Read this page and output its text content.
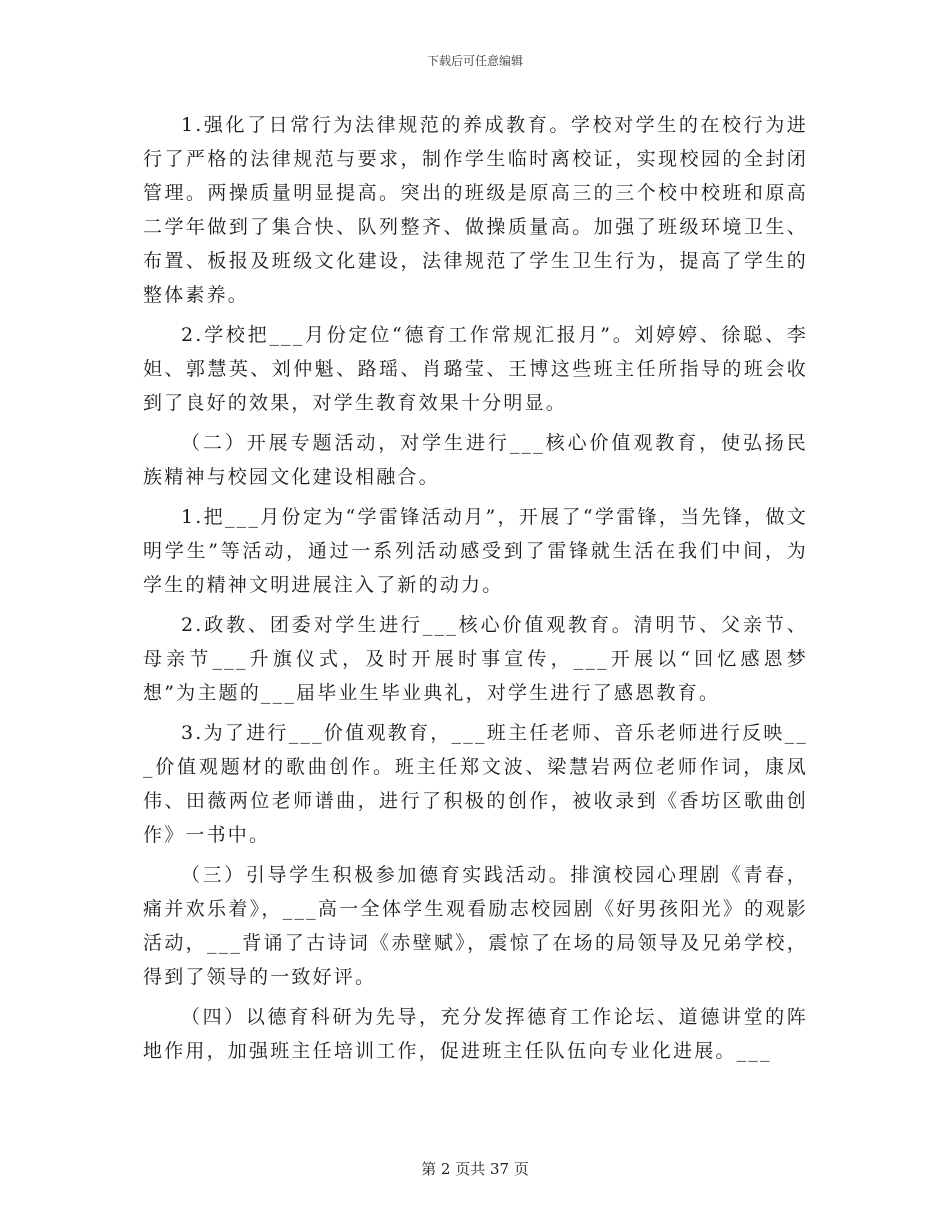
下载后可任意编辑

1.强化了日常行为法律规范的养成教育。学校对学生的在校行为进行了严格的法律规范与要求，制作学生临时离校证，实现校园的全封闭管理。两操质量明显提高。突出的班级是原高三的三个校中校班和原高二学年做到了集合快、队列整齐、做操质量高。加强了班级环境卫生、布置、板报及班级文化建设，法律规范了学生卫生行为，提高了学生的整体素养。

2.学校把___月份定位“德育工作常规汇报月”。刘婷婷、徐聪、李妲、郭慧英、刘仲魁、路瑶、肖璐莹、王博这些班主任所指导的班会收到了良好的效果，对学生教育效果十分明显。

（二）开展专题活动，对学生进行___核心价值观教育，使弘扬民族精神与校园文化建设相融合。

1.把___月份定为“学雷锋活动月”，开展了“学雷锋，当先锋，做文明学生”等活动，通过一系列活动感受到了雷锋就生活在我们中间，为学生的精神文明进展注入了新的动力。

2.政教、团委对学生进行___核心价值观教育。清明节、父亲节、母亲节___升旗仪式，及时开展时事宣传，___开展以“回忆感恩梦想”为主题的___届毕业生毕业典礼，对学生进行了感恩教育。

3.为了进行___价值观教育，___班主任老师、音乐老师进行反映___价值观题材的歌曲创作。班主任郑文波、梁慧岩两位老师作词，康凤伟、田薇两位老师谱曲，进行了积极的创作，被收录到《香坊区歌曲创作》一书中。

（三）引导学生积极参加德育实践活动。排演校园心理剧《青春，痛并欢乐着》，___高一全体学生观看励志校园剧《好男孩阳光》的观影活动，___背诵了古诗词《赤壁赋》，震惊了在场的局领导及兄弟学校，得到了领导的一致好评。

（四）以德育科研为先导，充分发挥德育工作论坛、道德讲堂的阵地作用，加强班主任培训工作，促进班主任队伍向专业化进展。___

第 2 页共 37 页
